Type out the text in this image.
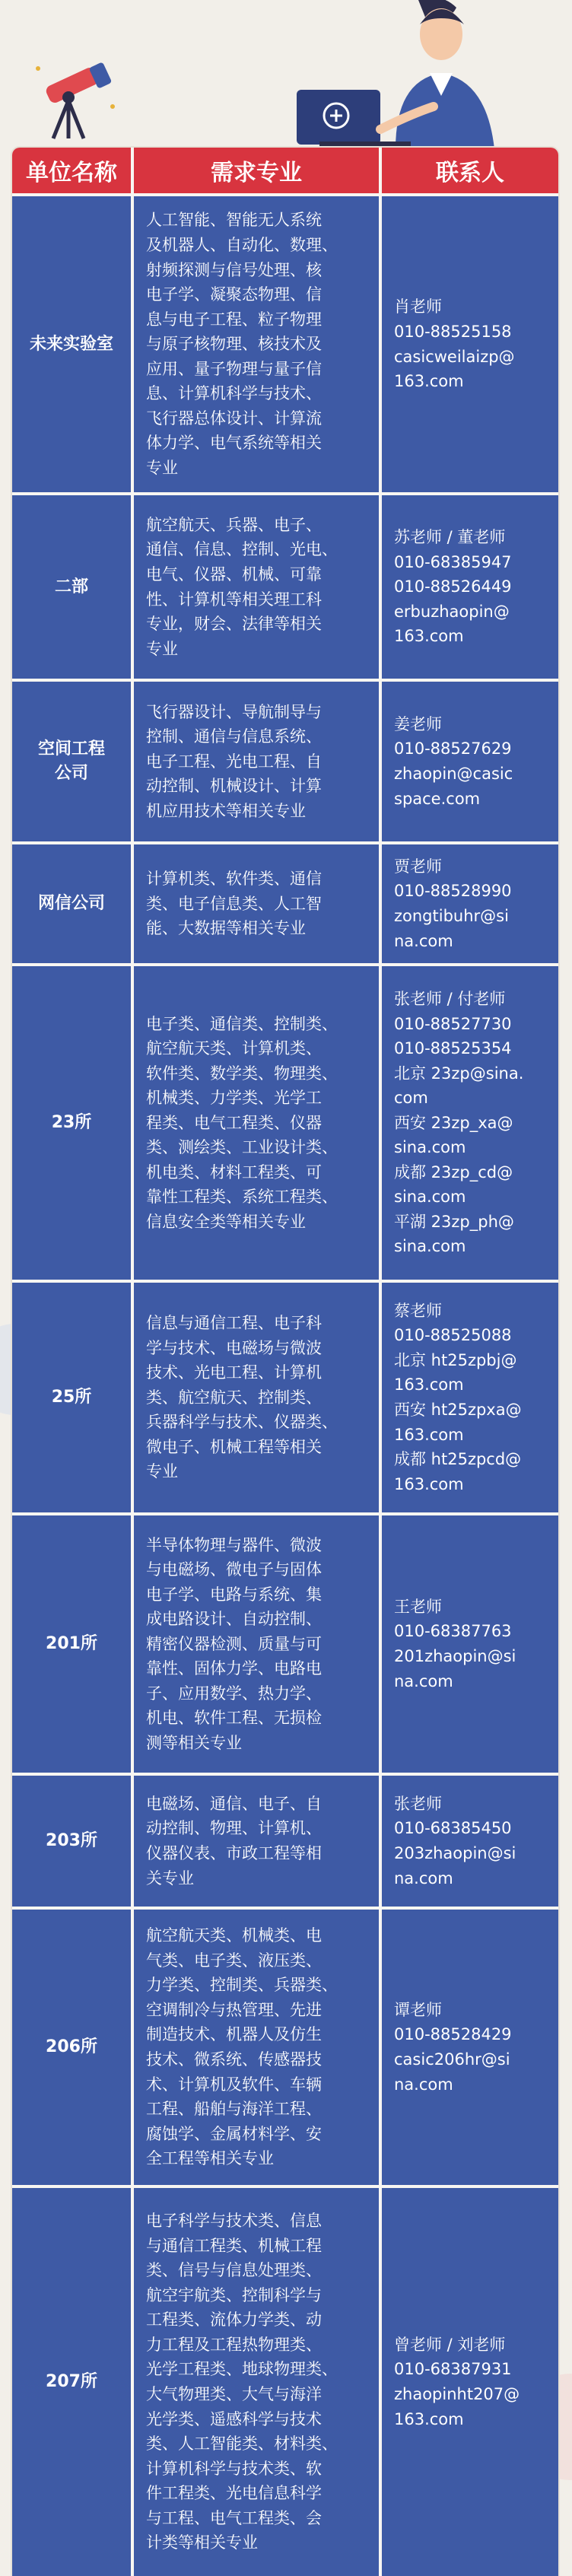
单位名称	需求专业	联系人
未来实验室
人工智能、智能无人系统
及机器人、自动化、数理、
射频探测与信号处理、核
电子学、凝聚态物理、信
息与电子工程、粒子物理
与原子核物理、核技术及
应用、量子物理与量子信
息、计算机科学与技术、
飞行器总体设计、计算流
体力学、电气系统等相关
专业
肖老师
010-88525158
casicweilaizp@
163.com
二部
航空航天、兵器、电子、
通信、信息、控制、光电、
电气、仪器、机械、可靠
性、计算机等相关理工科
专业，财会、法律等相关
专业
苏老师 / 董老师
010-68385947
010-88526449
erbuzhaopin@
163.com
空间工程
公司
飞行器设计、导航制导与
控制、通信与信息系统、
电子工程、光电工程、自
动控制、机械设计、计算
机应用技术等相关专业
姜老师
010-88527629
zhaopin@casic
space.com
网信公司
计算机类、软件类、通信
类、电子信息类、人工智
能、大数据等相关专业
贾老师
010-88528990
zongtibuhr@si
na.com
23所
电子类、通信类、控制类、
航空航天类、计算机类、
软件类、数学类、物理类、
机械类、力学类、光学工
程类、电气工程类、仪器
类、测绘类、工业设计类、
机电类、材料工程类、可
靠性工程类、系统工程类、
信息安全类等相关专业
张老师 / 付老师
010-88527730
010-88525354
北京 23zp@sina.
com
西安 23zp_xa@
sina.com
成都 23zp_cd@
sina.com
平湖 23zp_ph@
sina.com
25所
信息与通信工程、电子科
学与技术、电磁场与微波
技术、光电工程、计算机
类、航空航天、控制类、
兵器科学与技术、仪器类、
微电子、机械工程等相关
专业
蔡老师
010-88525088
北京 ht25zpbj@
163.com
西安 ht25zpxa@
163.com
成都 ht25zpcd@
163.com
201所
半导体物理与器件、微波
与电磁场、微电子与固体
电子学、电路与系统、集
成电路设计、自动控制、
精密仪器检测、质量与可
靠性、固体力学、电路电
子、应用数学、热力学、
机电、软件工程、无损检
测等相关专业
王老师
010-68387763
201zhaopin@si
na.com
203所
电磁场、通信、电子、自
动控制、物理、计算机、
仪器仪表、市政工程等相
关专业
张老师
010-68385450
203zhaopin@si
na.com
206所
航空航天类、机械类、电
气类、电子类、液压类、
力学类、控制类、兵器类、
空调制冷与热管理、先进
制造技术、机器人及仿生
技术、微系统、传感器技
术、计算机及软件、车辆
工程、船舶与海洋工程、
腐蚀学、金属材料学、安
全工程等相关专业
谭老师
010-88528429
casic206hr@si
na.com
207所
电子科学与技术类、信息
与通信工程类、机械工程
类、信号与信息处理类、
航空宇航类、控制科学与
工程类、流体力学类、动
力工程及工程热物理类、
光学工程类、地球物理类、
大气物理类、大气与海洋
光学类、遥感科学与技术
类、人工智能类、材料类、
计算机科学与技术类、软
件工程类、光电信息科学
与工程、电气工程类、会
计类等相关专业
曾老师 / 刘老师
010-68387931
zhaopinht207@
163.com
